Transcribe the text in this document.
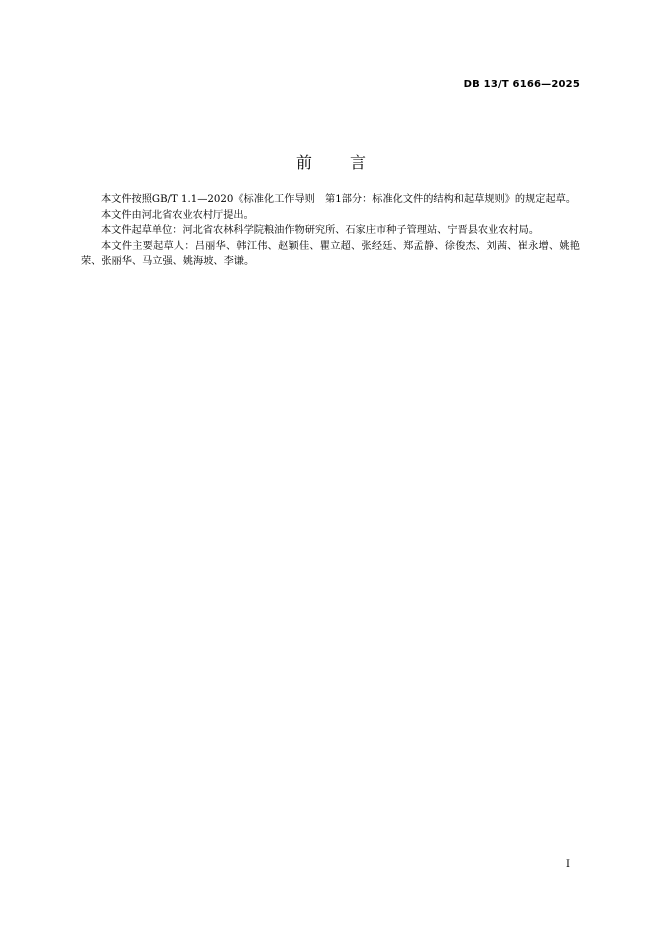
DB 13/T 6166—2025
前 言

本文件按照GB/T 1.1—2020《标准化工作导则　第1部分：标准化文件的结构和起草规则》的规定起草。

本文件由河北省农业农村厅提出。

本文件起草单位：河北省农林科学院粮油作物研究所、石家庄市种子管理站、宁晋县农业农村局。

本文件主要起草人：吕丽华、韩江伟、赵颖佳、瞿立超、张经廷、郑孟静、徐俊杰、刘茜、崔永增、姚艳荣、张丽华、马立强、姚海坡、李谦。

I
